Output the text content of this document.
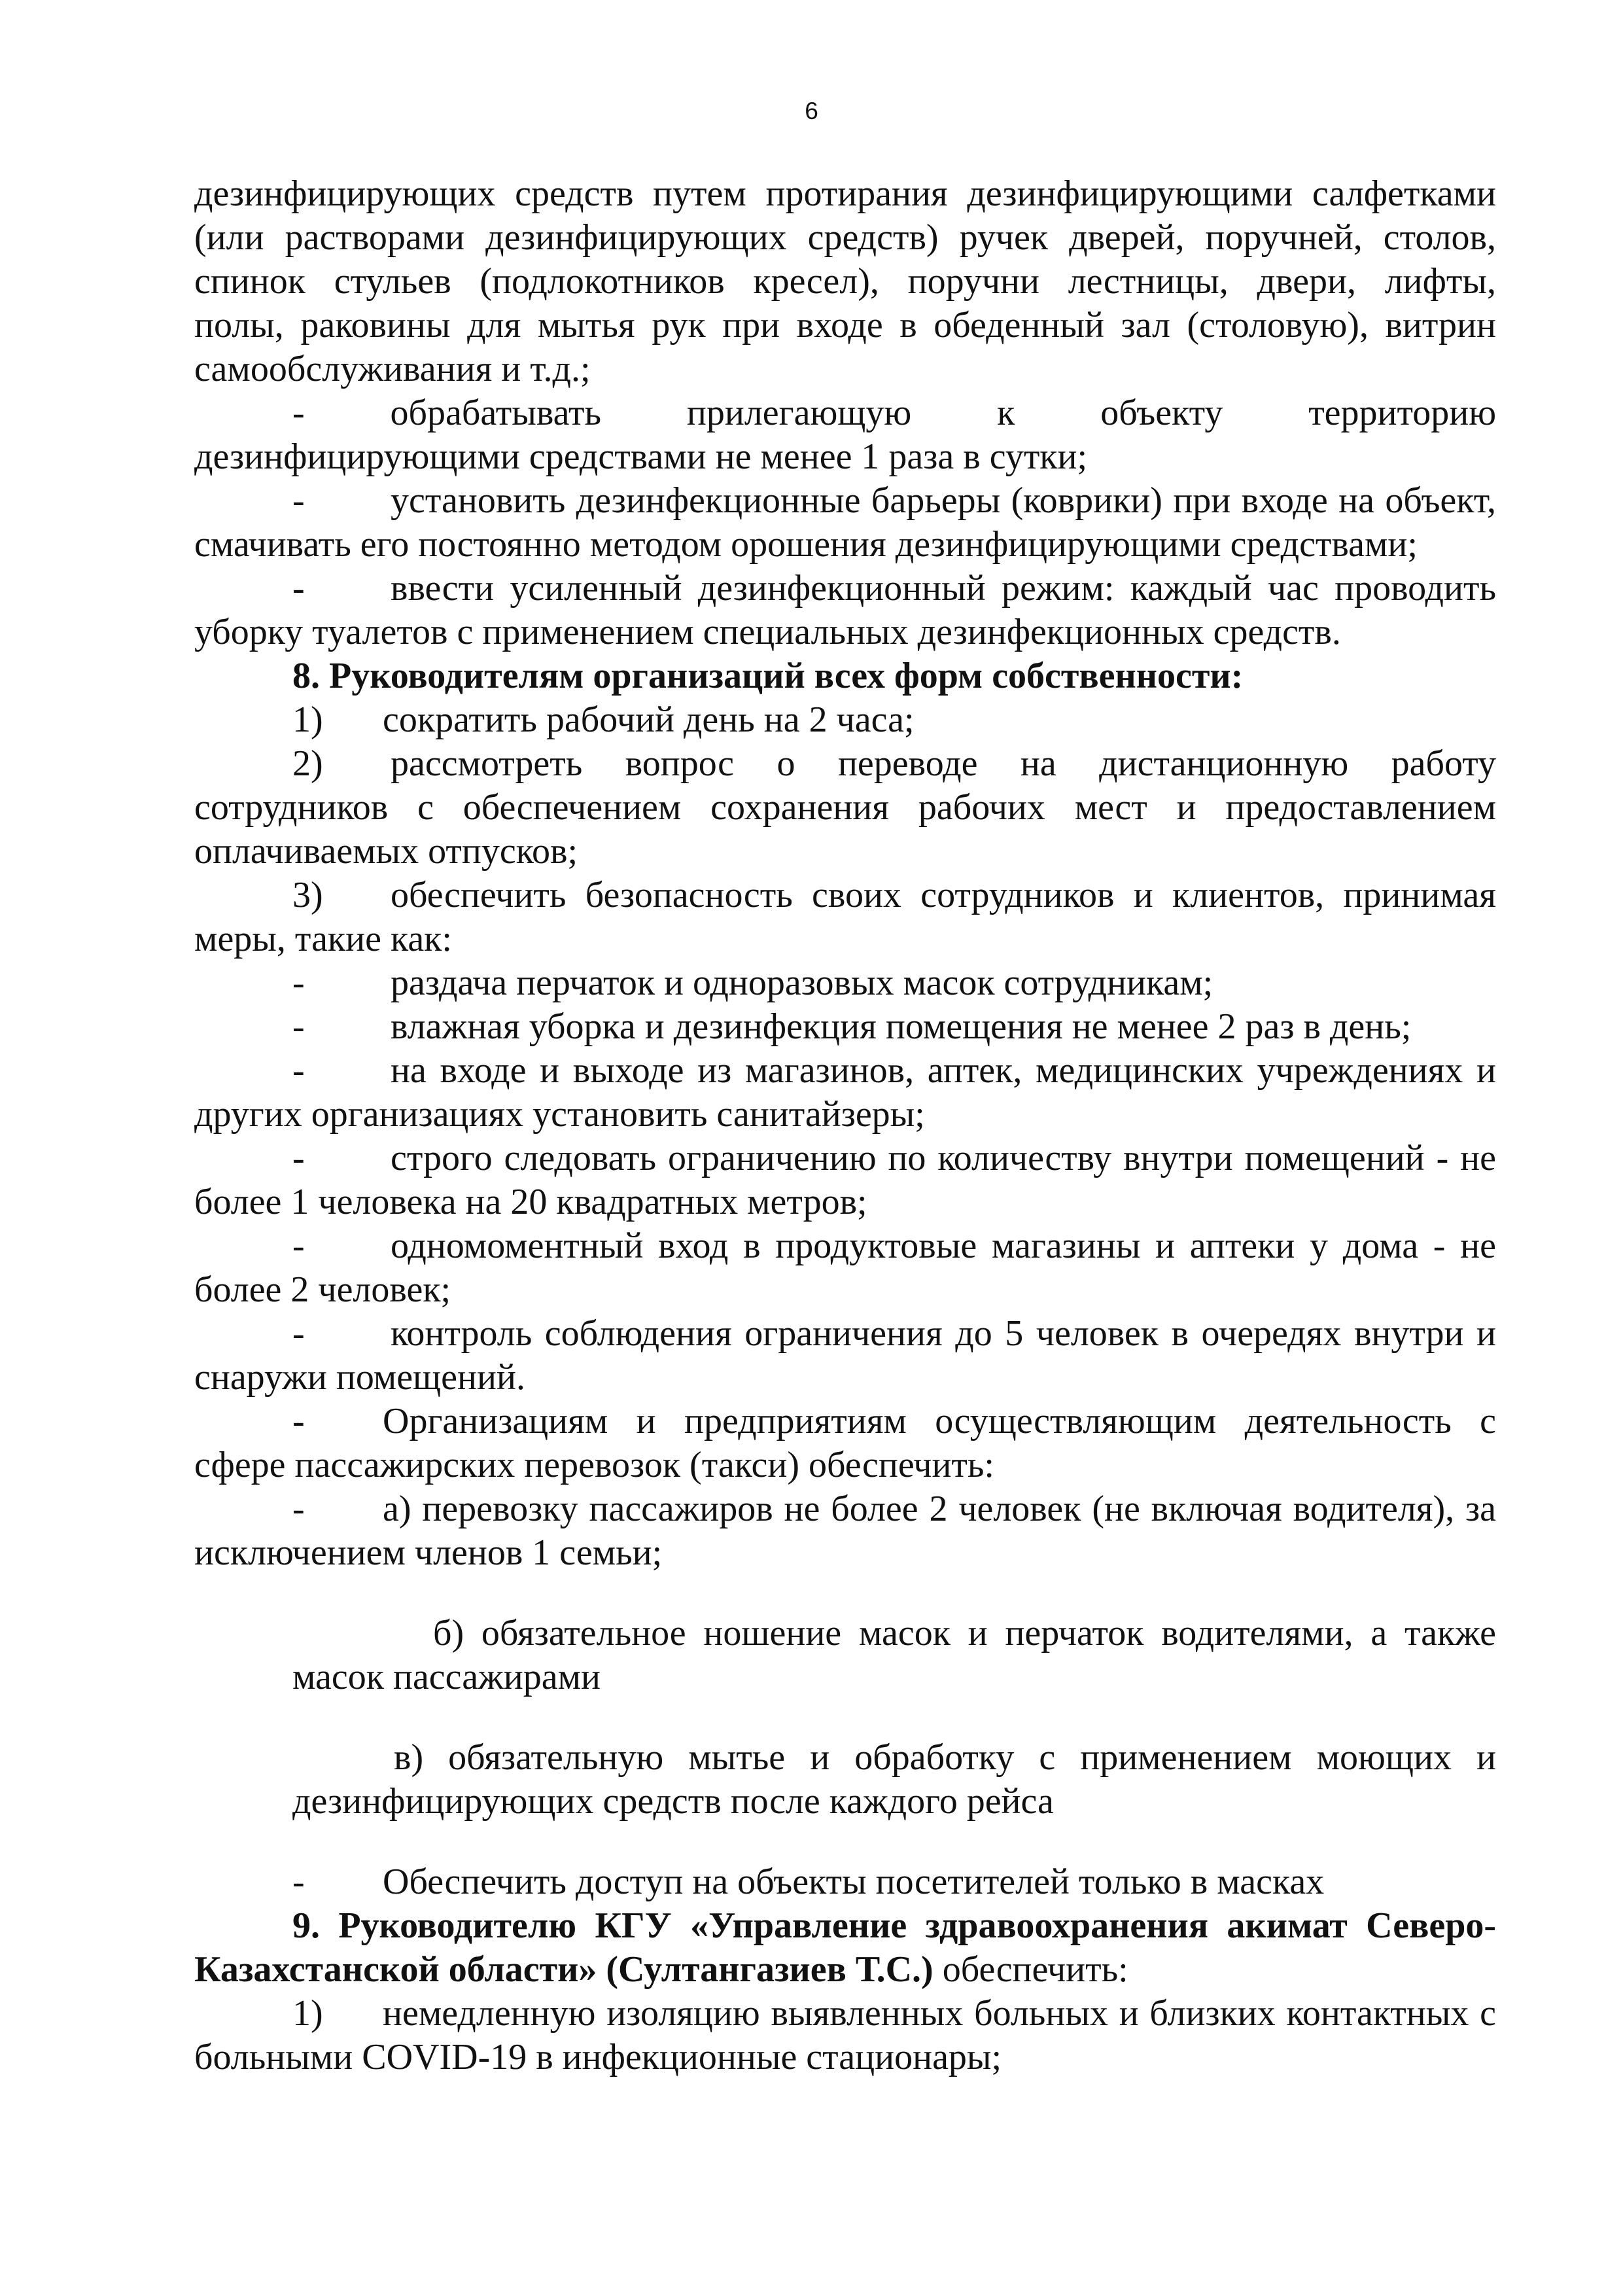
6
дезинфицирующих средств путем протирания дезинфицирующими салфетками
(или растворами дезинфицирующих средств) ручек дверей, поручней, столов,
спинок стульев (подлокотников кресел), поручни лестницы, двери, лифты,
полы, раковины для мытья рук при входе в обеденный зал (столовую), витрин
самообслуживания и т.д.;
- обрабатывать прилегающую к объекту территорию
дезинфицирующими средствами не менее 1 раза в сутки;

- установить дезинфекционные барьеры (коврики) при входе на объект, смачивать его постоянно методом орошения дезинфицирующими средствами;

- ввести усиленный дезинфекционный режим: каждый час проводить уборку туалетов с применением специальных дезинфекционных средств.

8. Руководителям организаций всех форм собственности:

1) сократить рабочий день на 2 часа;

2) рассмотреть вопрос о переводе на дистанционную работу сотрудников с обеспечением сохранения рабочих мест и предоставлением оплачиваемых отпусков;

3) обеспечить безопасность своих сотрудников и клиентов, принимая меры, такие как:

- раздача перчаток и одноразовых масок сотрудникам;

- влажная уборка и дезинфекция помещения не менее 2 раз в день;

- на входе и выходе из магазинов, аптек, медицинских учреждениях и других организациях установить санитайзеры;

- строго следовать ограничению по количеству внутри помещений - не более 1 человека на 20 квадратных метров;

- одномоментный вход в продуктовые магазины и аптеки у дома - не более 2 человек;

- контроль соблюдения ограничения до 5 человек в очередях внутри и снаружи помещений.

- Организациям и предприятиям осуществляющим деятельность с сфере пассажирских перевозок (такси) обеспечить:

- а) перевозку пассажиров не более 2 человек (не включая водителя), за исключением членов 1 семьи;

б) обязательное ношение масок и перчаток водителями, а также масок пассажирами

в) обязательную мытье и обработку с применением моющих и дезинфицирующих средств после каждого рейса

- Обеспечить доступ на объекты посетителей только в масках

9. Руководителю КГУ «Управление здравоохранения акимат Северо-Казахстанской области» (Султангазиев Т.С.) обеспечить:

1) немедленную изоляцию выявленных больных и близких контактных с больными COVID-19 в инфекционные стационары;
